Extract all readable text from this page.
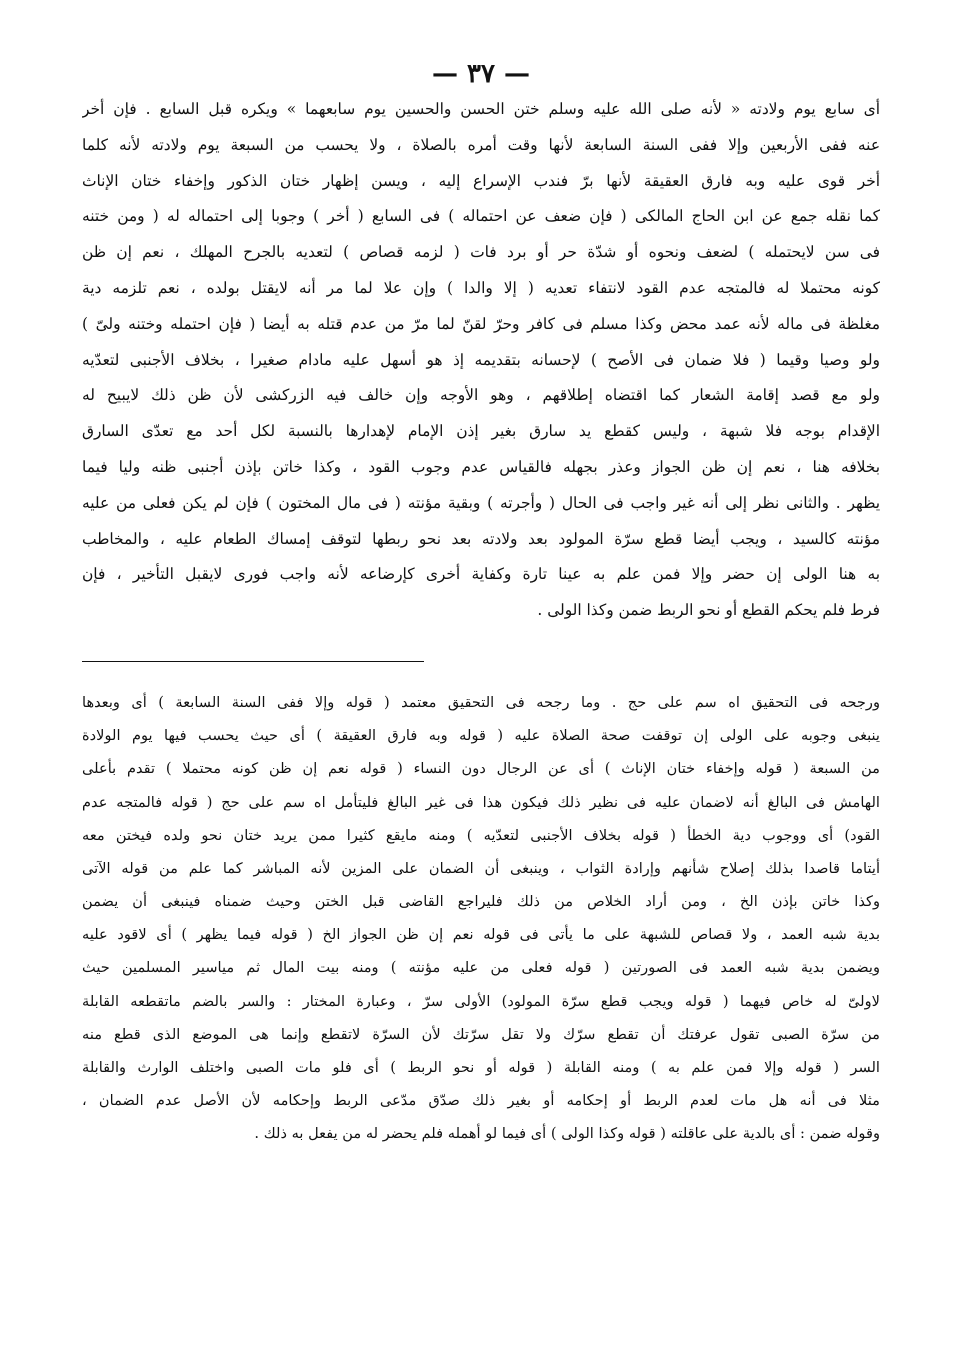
— ٣٧ —
أى سابع يوم ولادته « لأنه صلى الله عليه وسلم ختن الحسن والحسين يوم سابعهما » ويكره قبل السابع . فإن أخر
عنه ففى الأربعين وإلا ففى السنة السابعة لأنها وقت أمره بالصلاة ، ولا يحسب من السبعة يوم ولادته لأنه كلما
أخر قوى عليه وبه فارق العقيقة لأنها برّ فندب الإسراع إليه ، ويسن إظهار ختان الذكور وإخفاء ختان الإناث
كما نقله جمع عن ابن الحاج المالكى ( فإن ضعف عن احتماله ) فى السابع ( أخر ) وجوبا إلى احتماله له ( ومن ختنه
فى سن لايحتمله ) لضعف ونحوه أو شدّة حر أو برد فات ( لزمه قصاص ) لتعديه بالجرح المهلك ، نعم إن ظن
كونه محتملا له فالمتجه عدم القود لانتفاء تعديه ( إلا والدا ) وإن علا لما مر أنه لايقتل بولده ، نعم تلزمه دية
مغلظة فى ماله لأنه عمد محض وكذا مسلم فى كافر وحرّ لقنّ لما مرّ من عدم قتله به أيضا ( فإن احتمله وختنه ولىّ )
ولو وصيا وقيما ( فلا ضمان فى الأصح ) لإحسانه بتقديمه إذ هو أسهل عليه مادام صغيرا ، بخلاف الأجنبى لتعدّيه
ولو مع قصد إقامة الشعار كما اقتضاه إطلاقهم ، وهو الأوجه وإن خالف فيه الزركشى لأن ظن ذلك لايبيح له
الإقدام بوجه فلا شبهة ، وليس كقطع يد سارق بغير إذن الإمام لإهدارها بالنسبة لكل أحد مع تعدّى السارق
بخلافه هنا ، نعم إن ظن الجواز وعذر بجهله فالقياس عدم وجوب القود ، وكذا خاتن بإذن أجنبى ظنه وليا فيما
يظهر . والثانى نظر إلى أنه غير واجب فى الحال ( وأجرته ) وبقية مؤنته ( فى مال المختون ) فإن لم يكن فعلى من عليه
مؤنته كالسيد ، ويجب أيضا قطع سرّة المولود بعد ولادته بعد نحو ربطها لتوقف إمساك الطعام عليه ، والمخاطب
به هنا الولى إن حضر وإلا فمن علم به عينا تارة وكفاية أخرى كإرضاعه لأنه واجب فورى لايقبل التأخير ، فإن
فرط فلم يحكم القطع أو نحو الربط ضمن وكذا الولى .
ورجحه فى التحقيق اه سم على حج . وما رجحه فى التحقيق معتمد ( قوله وإلا ففى السنة السابعة ) أى وبعدها
ينبغى وجوبه على الولى إن توقفت صحة الصلاة عليه ( قوله وبه فارق العقيقة ) أى حيث يحسب فيها يوم الولادة
من السبعة ( قوله وإخفاء ختان الإناث ) أى عن الرجال دون النساء ( قوله نعم إن ظن كونه محتملا ) تقدم بأعلى
الهامش فى البالغ أنه لاضمان عليه فى نظير ذلك فيكون هذا فى غير البالغ فليتأمل اه سم على حج ( قوله فالمتجه عدم
القود) أى ووجوب دية الخطأ ( قوله بخلاف الأجنبى لتعدّيه ) ومنه مايقع كثيرا ممن يريد ختان نحو ولده فيختن معه
أيتاما قاصدا بذلك إصلاح شأنهم وإرادة الثواب ، وينبغى أن الضمان على المزين لأنه المباشر كما علم من قوله الآتى
وكذا خاتن بإذن الخ ، ومن أراد الخلاص من ذلك فليراجع القاضى قبل الختن وحيث ضمناه فينبغى أن يضمن
بدية شبه العمد ، ولا قصاص للشبهة على ما يأتى فى قوله نعم إن ظن الجواز الخ ( قوله فيما يظهر ) أى لاقود عليه
ويضمن بدية شبه العمد فى الصورتين ( قوله فعلى من عليه مؤنته ) ومنه بيت المال ثم مياسير المسلمين حيث
لاولىّ له خاص فيهما ( قوله ويجب قطع سرّة المولود) الأولى سرّ ، وعبارة المختار : والسر بالضم ماتقطعه القابلة
من سرّة الصبى تقول عرفتك أن تقطع سرّك ولا تقل سرّتك لأن السرّة لاتقطع وإنما هى الموضع الذى قطع منه
السر ( قوله وإلا فمن علم به ) ومنه القابلة ( قوله أو نحو الربط ) أى فلو مات الصبى واختلف الوارث والقابلة
مثلا فى أنه هل مات لعدم الربط أو إحكامه أو بغير ذلك صدّق مدّعى الربط وإحكامه لأن الأصل عدم الضمان ،
وقوله ضمن : أى بالدية على عاقلته ( قوله وكذا الولى ) أى فيما لو أهمله فلم يحضر له من يفعل به ذلك .
